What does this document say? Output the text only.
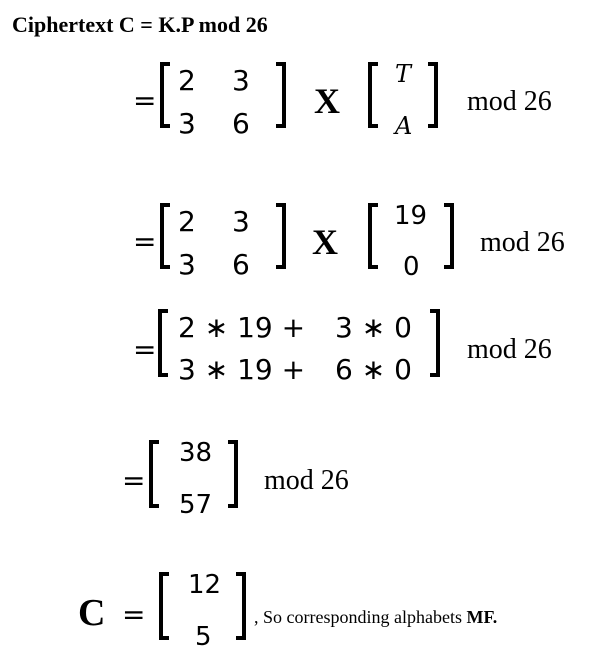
Ciphertext C = K.P mod 26
=
2 3
3 6
X
T
A
mod 26
=
2 3
3 6
X
19
0
mod 26
=
2 ∗ 19 + 3 ∗ 0
3 ∗ 19 + 6 ∗ 0
mod 26
=
38
57
mod 26
C =
12
5
, So corresponding alphabets MF.
